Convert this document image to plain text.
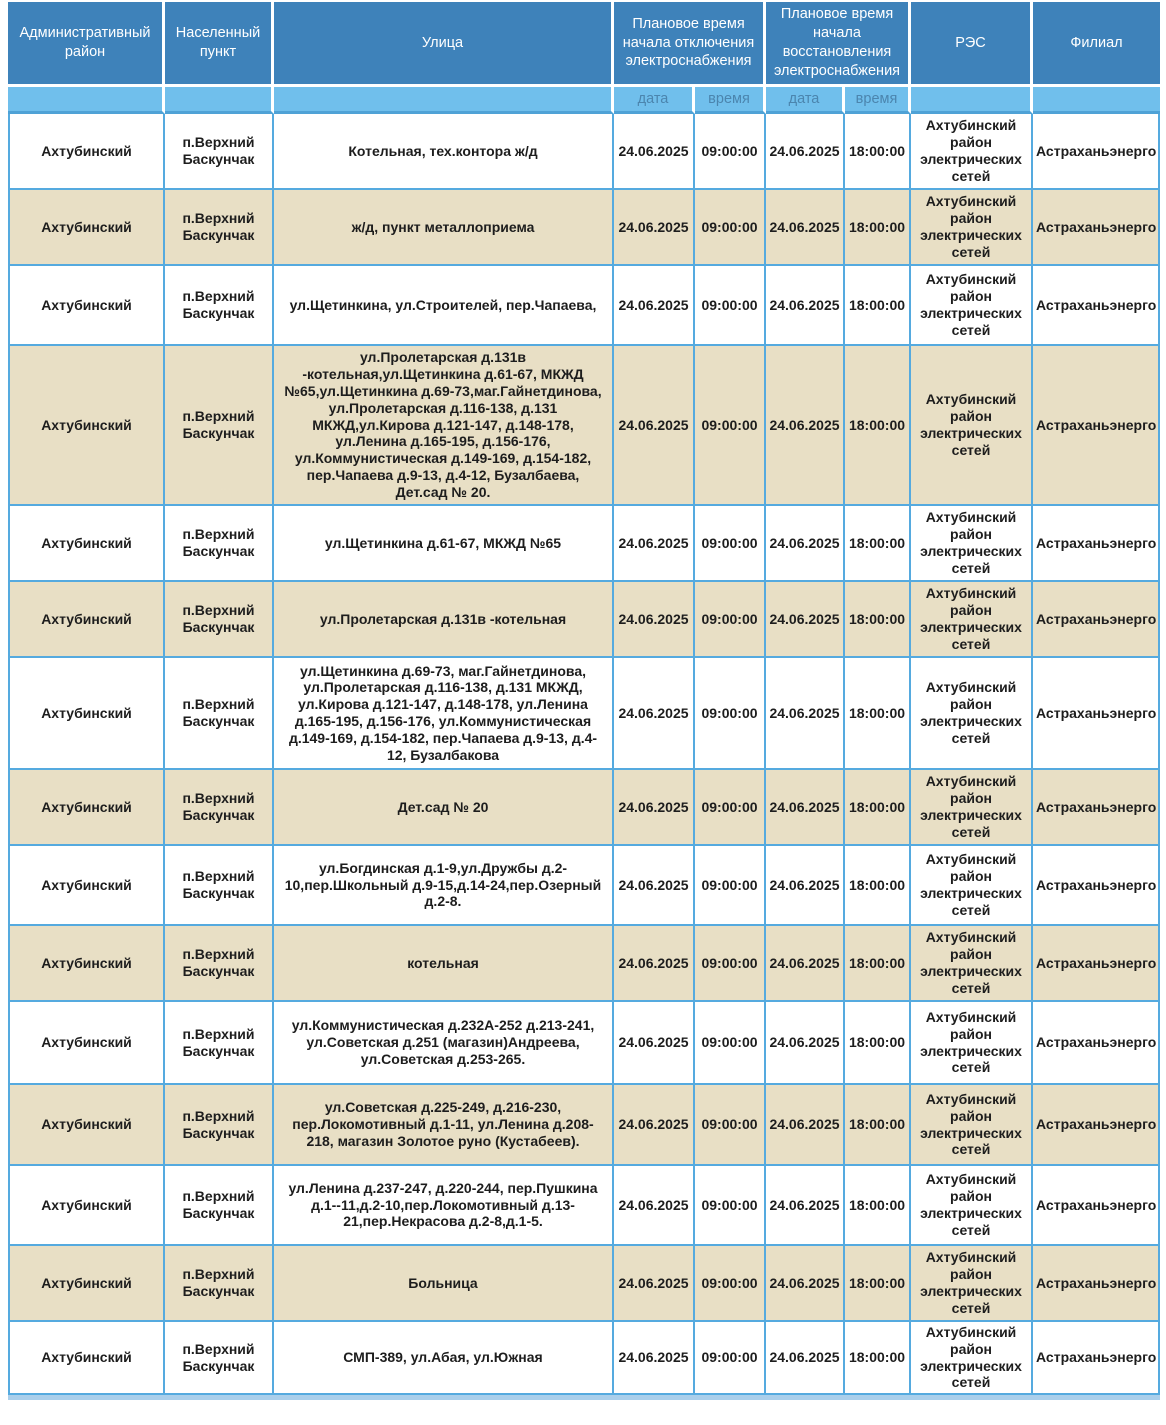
Административный район	Населенный пункт	Улица	Плановое время начала отключения электроснабжения		Плановое время начала восстановления электроснабжения		РЭС	Филиал
			дата	время	дата	время		
Ахтубинский	п.Верхний Баскунчак	Котельная, тех.контора ж/д	24.06.2025	09:00:00	24.06.2025	18:00:00	Ахтубинский район электрических сетей	Астраханьэнерго
Ахтубинский	п.Верхний Баскунчак	ж/д, пункт металлоприема	24.06.2025	09:00:00	24.06.2025	18:00:00	Ахтубинский район электрических сетей	Астраханьэнерго
Ахтубинский	п.Верхний Баскунчак	ул.Щетинкина, ул.Строителей, пер.Чапаева,	24.06.2025	09:00:00	24.06.2025	18:00:00	Ахтубинский район электрических сетей	Астраханьэнерго
Ахтубинский	п.Верхний Баскунчак	ул.Пролетарская д.131в -котельная,ул.Щетинкина д.61-67, МКЖД №65,ул.Щетинкина д.69-73,маг.Гайнетдинова, ул.Пролетарская д.116-138, д.131 МКЖД,ул.Кирова д.121-147, д.148-178, ул.Ленина д.165-195, д.156-176, ул.Коммунистическая д.149-169, д.154-182, пер.Чапаева д.9-13, д.4-12, Бузалбаева, Дет.сад № 20.	24.06.2025	09:00:00	24.06.2025	18:00:00	Ахтубинский район электрических сетей	Астраханьэнерго
Ахтубинский	п.Верхний Баскунчак	ул.Щетинкина д.61-67, МКЖД №65	24.06.2025	09:00:00	24.06.2025	18:00:00	Ахтубинский район электрических сетей	Астраханьэнерго
Ахтубинский	п.Верхний Баскунчак	ул.Пролетарская д.131в -котельная	24.06.2025	09:00:00	24.06.2025	18:00:00	Ахтубинский район электрических сетей	Астраханьэнерго
Ахтубинский	п.Верхний Баскунчак	ул.Щетинкина д.69-73, маг.Гайнетдинова, ул.Пролетарская д.116-138, д.131 МКЖД, ул.Кирова д.121-147, д.148-178, ул.Ленина д.165-195, д.156-176, ул.Коммунистическая д.149-169, д.154-182, пер.Чапаева д.9-13, д.4-12, Бузалбакова	24.06.2025	09:00:00	24.06.2025	18:00:00	Ахтубинский район электрических сетей	Астраханьэнерго
Ахтубинский	п.Верхний Баскунчак	Дет.сад № 20	24.06.2025	09:00:00	24.06.2025	18:00:00	Ахтубинский район электрических сетей	Астраханьэнерго
Ахтубинский	п.Верхний Баскунчак	ул.Богдинская д.1-9,ул.Дружбы д.2-10,пер.Школьный д.9-15,д.14-24,пер.Озерный д.2-8.	24.06.2025	09:00:00	24.06.2025	18:00:00	Ахтубинский район электрических сетей	Астраханьэнерго
Ахтубинский	п.Верхний Баскунчак	котельная	24.06.2025	09:00:00	24.06.2025	18:00:00	Ахтубинский район электрических сетей	Астраханьэнерго
Ахтубинский	п.Верхний Баскунчак	ул.Коммунистическая д.232А-252 д.213-241, ул.Советская д.251 (магазин)Андреева, ул.Советская д.253-265.	24.06.2025	09:00:00	24.06.2025	18:00:00	Ахтубинский район электрических сетей	Астраханьэнерго
Ахтубинский	п.Верхний Баскунчак	ул.Советская д.225-249, д.216-230, пер.Локомотивный д.1-11, ул.Ленина д.208-218, магазин Золотое руно (Кустабеев).	24.06.2025	09:00:00	24.06.2025	18:00:00	Ахтубинский район электрических сетей	Астраханьэнерго
Ахтубинский	п.Верхний Баскунчак	ул.Ленина д.237-247, д.220-244, пер.Пушкина д.1--11,д.2-10,пер.Локомотивный д.13-21,пер.Некрасова д.2-8,д.1-5.	24.06.2025	09:00:00	24.06.2025	18:00:00	Ахтубинский район электрических сетей	Астраханьэнерго
Ахтубинский	п.Верхний Баскунчак	Больница	24.06.2025	09:00:00	24.06.2025	18:00:00	Ахтубинский район электрических сетей	Астраханьэнерго
Ахтубинский	п.Верхний Баскунчак	СМП-389, ул.Абая, ул.Южная	24.06.2025	09:00:00	24.06.2025	18:00:00	Ахтубинский район электрических сетей	Астраханьэнерго
